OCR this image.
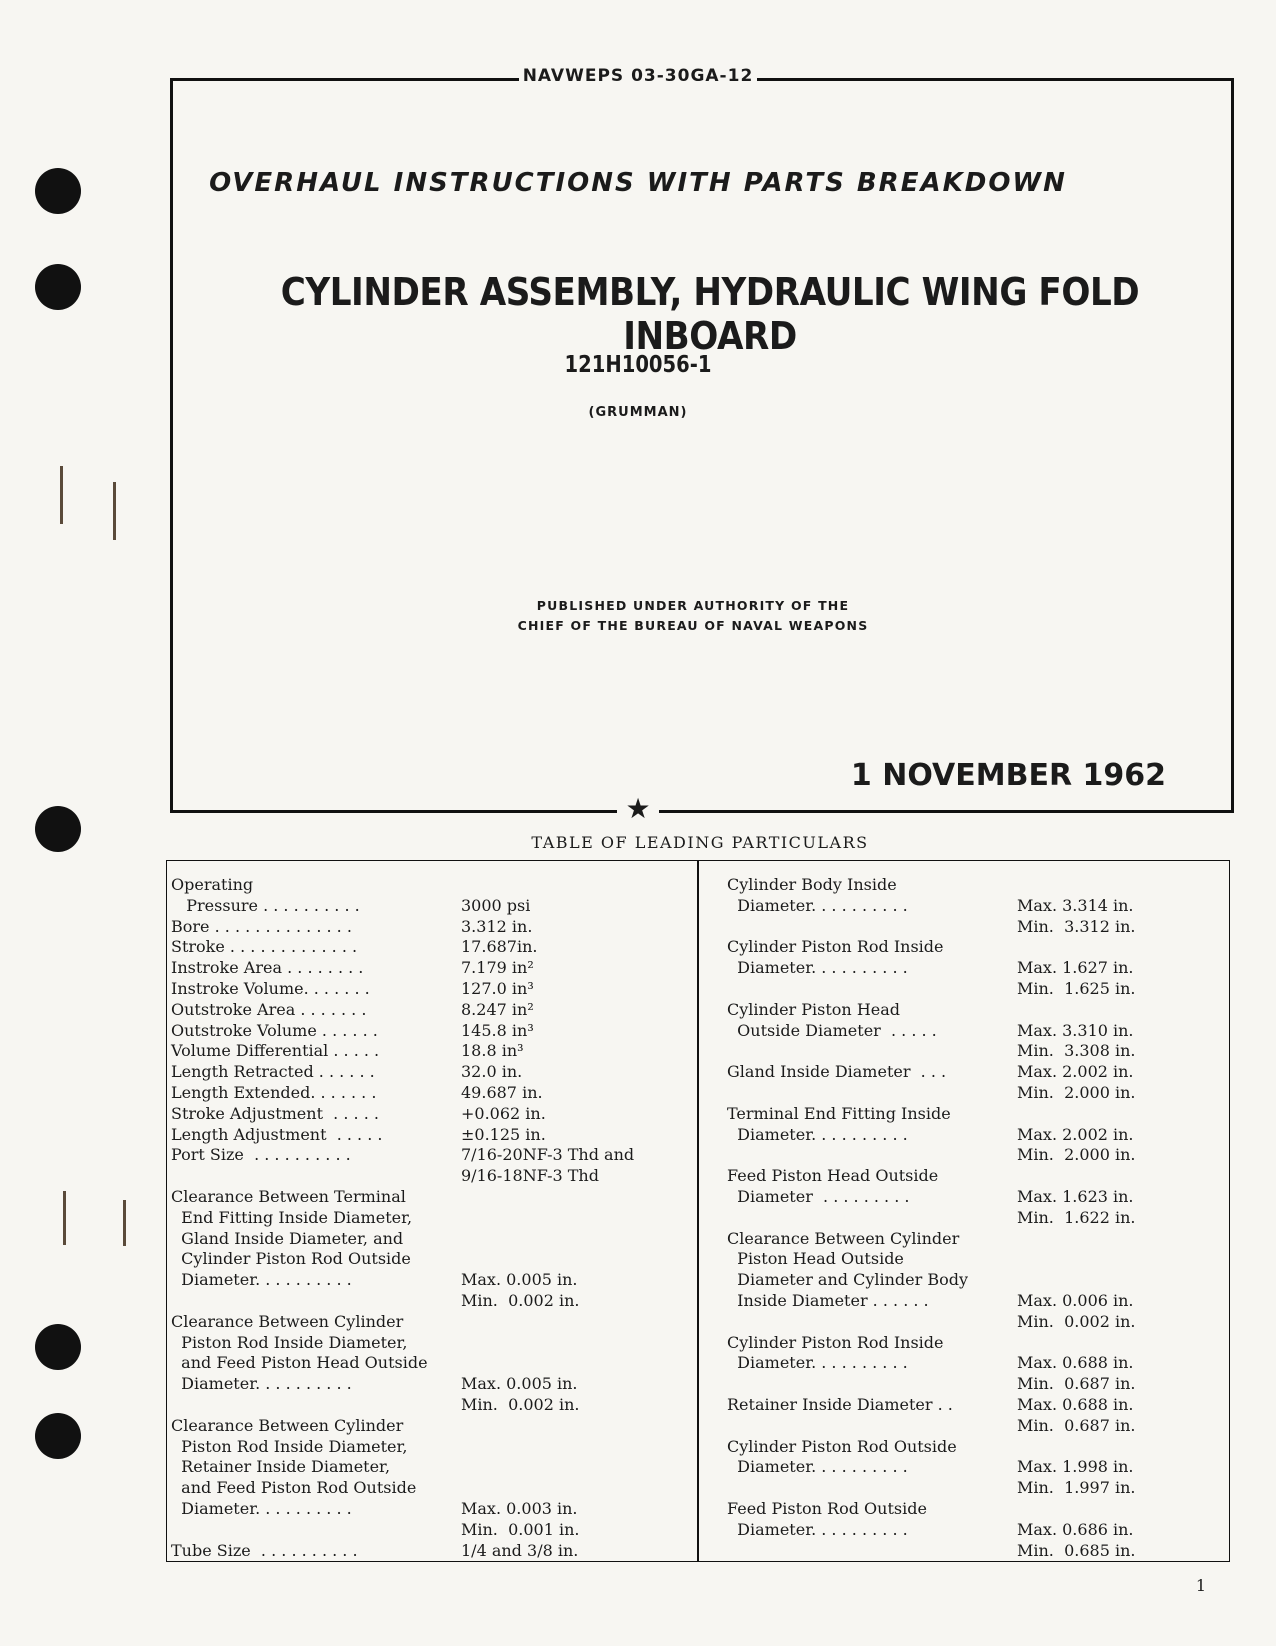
NAVWEPS 03-30GA-12
★
OVERHAUL INSTRUCTIONS WITH PARTS BREAKDOWN
CYLINDER ASSEMBLY, HYDRAULIC WING FOLD INBOARD
121H10056-1
(GRUMMAN)
PUBLISHED UNDER AUTHORITY OF THE
CHIEF OF THE BUREAU OF NAVAL WEAPONS
1 NOVEMBER 1962
TABLE OF LEADING PARTICULARS
Operating
Pressure . . . . . . . . . .	3000 psi
Bore . . . . . . . . . . . . . .	3.312 in.
Stroke . . . . . . . . . . . . .	17.687in.
Instroke Area . . . . . . . .	7.179 in²
Instroke Volume. . . . . . .	127.0 in³
Outstroke Area . . . . . . .	8.247 in²
Outstroke Volume . . . . . .	145.8 in³
Volume Differential . . . . .	18.8 in³
Length Retracted . . . . . .	32.0 in.
Length Extended. . . . . . .	49.687 in.
Stroke Adjustment  . . . . .	+0.062 in.
Length Adjustment  . . . . .	±0.125 in.
Port Size  . . . . . . . . . .	7/16-20NF-3 Thd and
9/16-18NF-3 Thd
Clearance Between Terminal
End Fitting Inside Diameter,
Gland Inside Diameter, and
Cylinder Piston Rod Outside
Diameter. . . . . . . . . .	Max. 0.005 in.
Min.  0.002 in.
Clearance Between Cylinder
Piston Rod Inside Diameter,
and Feed Piston Head Outside
Diameter. . . . . . . . . .	Max. 0.005 in.
Min.  0.002 in.
Clearance Between Cylinder
Piston Rod Inside Diameter,
Retainer Inside Diameter,
and Feed Piston Rod Outside
Diameter. . . . . . . . . .	Max. 0.003 in.
Min.  0.001 in.
Tube Size  . . . . . . . . . .	1/4 and 3/8 in.
Cylinder Body Inside
Diameter. . . . . . . . . .	Max. 3.314 in.
Min.  3.312 in.
Cylinder Piston Rod Inside
Diameter. . . . . . . . . .	Max. 1.627 in.
Min.  1.625 in.
Cylinder Piston Head
Outside Diameter  . . . . .	Max. 3.310 in.
Min.  3.308 in.
Gland Inside Diameter  . . .	Max. 2.002 in.
Min.  2.000 in.
Terminal End Fitting Inside
Diameter. . . . . . . . . .	Max. 2.002 in.
Min.  2.000 in.
Feed Piston Head Outside
Diameter  . . . . . . . . .	Max. 1.623 in.
Min.  1.622 in.
Clearance Between Cylinder
Piston Head Outside
Diameter and Cylinder Body
Inside Diameter . . . . . .	Max. 0.006 in.
Min.  0.002 in.
Cylinder Piston Rod Inside
Diameter. . . . . . . . . .	Max. 0.688 in.
Min.  0.687 in.
Retainer Inside Diameter . .	Max. 0.688 in.
Min.  0.687 in.
Cylinder Piston Rod Outside
Diameter. . . . . . . . . .	Max. 1.998 in.
Min.  1.997 in.
Feed Piston Rod Outside
Diameter. . . . . . . . . .	Max. 0.686 in.
Min.  0.685 in.
1
